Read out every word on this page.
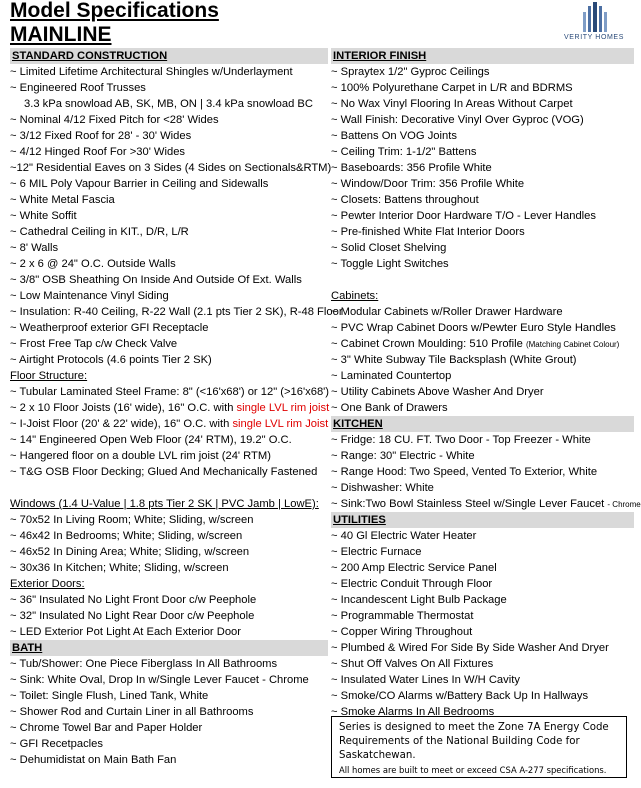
Model Specifications
MAINLINE	VERITY HOMES
STANDARD CONSTRUCTION
~ Limited Lifetime Architectural Shingles w/Underlayment
~ Engineered Roof Trusses
3.3 kPa snowload AB, SK, MB, ON | 3.4 kPa snowload BC
~ Nominal 4/12 Fixed Pitch for <28' Wides
~ 3/12 Fixed Roof for 28' - 30' Wides
~ 4/12 Hinged Roof For >30' Wides
~12" Residential Eaves on 3 Sides (4 Sides on Sectionals&RTM)
~ 6 MIL Poly Vapour Barrier in Ceiling and Sidewalls
~ White Metal Fascia
~ White Soffit
~ Cathedral Ceiling in KIT., D/R, L/R
~ 8' Walls
~ 2 x 6 @ 24" O.C. Outside Walls
~ 3/8" OSB Sheathing On Inside And Outside Of Ext. Walls
~ Low Maintenance Vinyl Siding
~ Insulation: R-40 Ceiling, R-22 Wall (2.1 pts Tier 2 SK), R-48 Floor
~ Weatherproof exterior GFI Receptacle
~ Frost Free Tap c/w Check Valve
~ Airtight Protocols (4.6 points Tier 2 SK)
Floor Structure:
~ Tubular Laminated Steel Frame: 8" (<16'x68') or 12" (>16'x68')
~ 2 x 10 Floor Joists (16' wide), 16" O.C. with single LVL rim joist
~ I-Joist Floor (20' & 22' wide), 16" O.C. with single LVL rim Joist
~ 14" Engineered Open Web Floor (24' RTM), 19.2" O.C.
~ Hangered floor on a double LVL rim joist (24' RTM)
~ T&G OSB Floor Decking; Glued And Mechanically Fastened
Windows (1.4 U-Value | 1.8 pts Tier 2 SK | PVC Jamb | LowE):
~ 70x52 In Living Room; White; Sliding, w/screen
~ 46x42 In Bedrooms; White; Sliding, w/screen
~ 46x52 In Dining Area; White; Sliding, w/screen
~ 30x36 In Kitchen; White; Sliding, w/screen
Exterior Doors:
~ 36" Insulated No Light Front Door c/w Peephole
~ 32" Insulated No Light Rear Door c/w Peephole
~ LED Exterior Pot Light At Each Exterior Door
BATH
~ Tub/Shower: One Piece Fiberglass In All Bathrooms
~ Sink: White Oval, Drop In w/Single Lever Faucet - Chrome
~ Toilet: Single Flush, Lined Tank, White
~ Shower Rod and Curtain Liner in all Bathrooms
~ Chrome Towel Bar and Paper Holder
~ GFI Recetpacles
~ Dehumidistat on Main Bath Fan
INTERIOR FINISH
~ Spraytex 1/2" Gyproc Ceilings
~ 100% Polyurethane Carpet in L/R and BDRMS
~ No Wax Vinyl Flooring In Areas Without Carpet
~ Wall Finish: Decorative Vinyl Over Gyproc (VOG)
~ Battens On VOG Joints
~ Ceiling Trim: 1-1/2" Battens
~ Baseboards: 356 Profile White
~ Window/Door Trim: 356 Profile White
~ Closets: Battens throughout
~ Pewter Interior Door Hardware T/O - Lever Handles
~ Pre-finished White Flat Interior Doors
~ Solid Closet Shelving
~ Toggle Light Switches
Cabinets:
~ Modular Cabinets w/Roller Drawer Hardware
~ PVC Wrap Cabinet Doors w/Pewter Euro Style Handles
~ Cabinet Crown Moulding: 510 Profile (Matching Cabinet Colour)
~ 3" White Subway Tile Backsplash (White Grout)
~ Laminated Countertop
~ Utility Cabinets Above Washer And Dryer
~ One Bank of Drawers
KITCHEN
~ Fridge: 18 CU. FT. Two Door - Top Freezer - White
~ Range: 30" Electric - White
~ Range Hood: Two Speed, Vented To Exterior, White
~ Dishwasher: White
~ Sink:Two Bowl Stainless Steel w/Single Lever Faucet - Chrome
UTILITIES
~ 40 Gl Electric Water Heater
~ Electric Furnace
~ 200 Amp Electric Service Panel
~ Electric Conduit Through Floor
~ Incandescent Light Bulb Package
~ Programmable Thermostat
~ Copper Wiring Throughout
~ Plumbed & Wired For Side By Side Washer And Dryer
~ Shut Off Valves On All Fixtures
~ Insulated Water Lines In W/H Cavity
~ Smoke/CO Alarms w/Battery Back Up In Hallways
~ Smoke Alarms In All Bedrooms
Series is designed to meet the Zone 7A Energy Code Requirements of the National Building Code for Saskatchewan.
All homes are built to meet or exceed CSA A-277 specifications.
